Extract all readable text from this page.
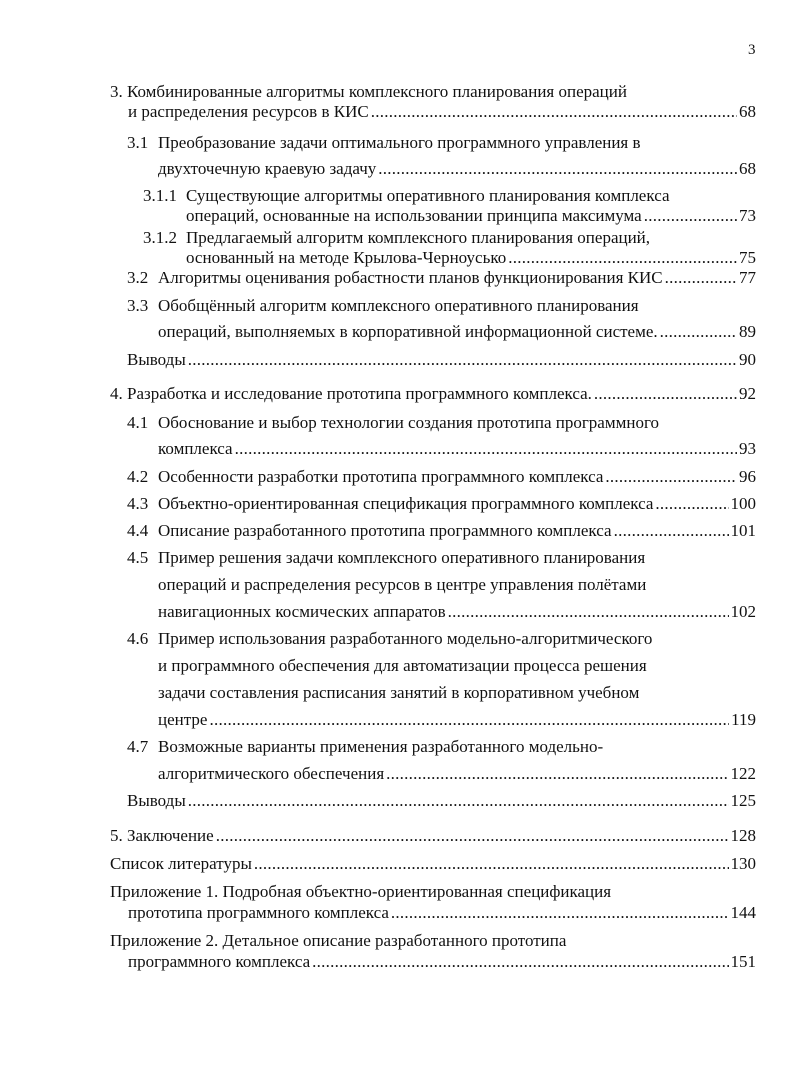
3
3. Комбинированные алгоритмы комплексного планирования операций
и распределения ресурсов в КИС . . .	68
3.1 Преобразование задачи оптимального программного управления в
двухточечную краевую задачу . . .	68
3.1.1 Существующие алгоритмы оперативного планирования комплекса
операций, основанные на использовании принципа максимума . . .	73
3.1.2 Предлагаемый алгоритм комплексного планирования операций,
основанный на методе Крылова-Черноусько . . .	75
3.2 Алгоритмы оценивания робастности планов функционирования КИС . . .	77
3.3 Обобщённый алгоритм комплексного оперативного планирования
операций, выполняемых в корпоративной информационной системе. . . .	89
Выводы . . .	90
4. Разработка и исследование прототипа программного комплекса. . . .	92
4.1 Обоснование и выбор технологии создания прототипа программного
комплекса . . .	93
4.2 Особенности разработки прототипа программного комплекса . . .	96
4.3 Объектно-ориентированная спецификация программного комплекса . . .	100
4.4 Описание разработанного прототипа программного комплекса . . .	101
4.5 Пример решения задачи комплексного оперативного планирования
операций и распределения ресурсов в центре управления полётами
навигационных космических аппаратов . . .	102
4.6 Пример использования разработанного модельно-алгоритмического
и программного обеспечения для автоматизации процесса решения
задачи составления расписания занятий в корпоративном учебном
центре . . .	119
4.7 Возможные варианты применения разработанного модельно-
алгоритмического обеспечения . . .	122
Выводы . . .	125
5. Заключение . . .	128
Список литературы . . .	130
Приложение 1. Подробная объектно-ориентированная спецификация
прототипа программного комплекса . . .	144
Приложение 2. Детальное описание разработанного прототипа
программного комплекса . . .	151
